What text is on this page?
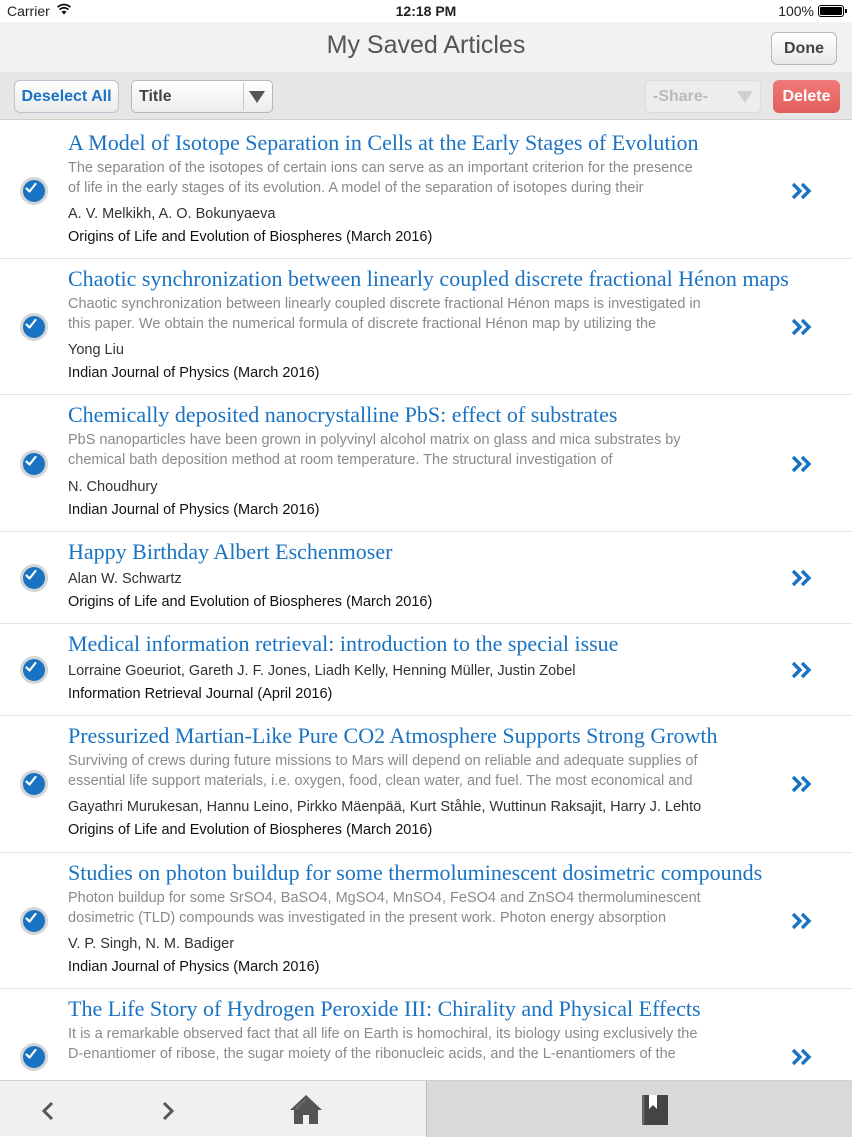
Carrier	12:18 PM	100%
My Saved Articles	Done
Deselect All	Title	-Share-	Delete
A Model of Isotope Separation in Cells at the Early Stages of Evolution
The separation of the isotopes of certain ions can serve as an important criterion for the presence of life in the early stages of its evolution. A model of the separation of isotopes during their
A. V. Melkikh, A. O. Bokunyaeva
Origins of Life and Evolution of Biospheres (March 2016)
Chaotic synchronization between linearly coupled discrete fractional Hénon maps
Chaotic synchronization between linearly coupled discrete fractional Hénon maps is investigated in this paper. We obtain the numerical formula of discrete fractional Hénon map by utilizing the
Yong Liu
Indian Journal of Physics (March 2016)
Chemically deposited nanocrystalline PbS: effect of substrates
PbS nanoparticles have been grown in polyvinyl alcohol matrix on glass and mica substrates by chemical bath deposition method at room temperature. The structural investigation of
N. Choudhury
Indian Journal of Physics (March 2016)
Happy Birthday Albert Eschenmoser
Alan W. Schwartz
Origins of Life and Evolution of Biospheres (March 2016)
Medical information retrieval: introduction to the special issue
Lorraine Goeuriot, Gareth J. F. Jones, Liadh Kelly, Henning Müller, Justin Zobel
Information Retrieval Journal (April 2016)
Pressurized Martian-Like Pure CO2 Atmosphere Supports Strong Growth
Surviving of crews during future missions to Mars will depend on reliable and adequate supplies of essential life support materials, i.e. oxygen, food, clean water, and fuel. The most economical and
Gayathri Murukesan, Hannu Leino, Pirkko Mäenpää, Kurt Ståhle, Wuttinun Raksajit, Harry J. Lehto
Origins of Life and Evolution of Biospheres (March 2016)
Studies on photon buildup for some thermoluminescent dosimetric compounds
Photon buildup for some SrSO4, BaSO4, MgSO4, MnSO4, FeSO4 and ZnSO4 thermoluminescent dosimetric (TLD) compounds was investigated in the present work. Photon energy absorption
V. P. Singh, N. M. Badiger
Indian Journal of Physics (March 2016)
The Life Story of Hydrogen Peroxide III: Chirality and Physical Effects
It is a remarkable observed fact that all life on Earth is homochiral, its biology using exclusively the D-enantiomer of ribose, the sugar moiety of the ribonucleic acids, and the L-enantiomers of the
